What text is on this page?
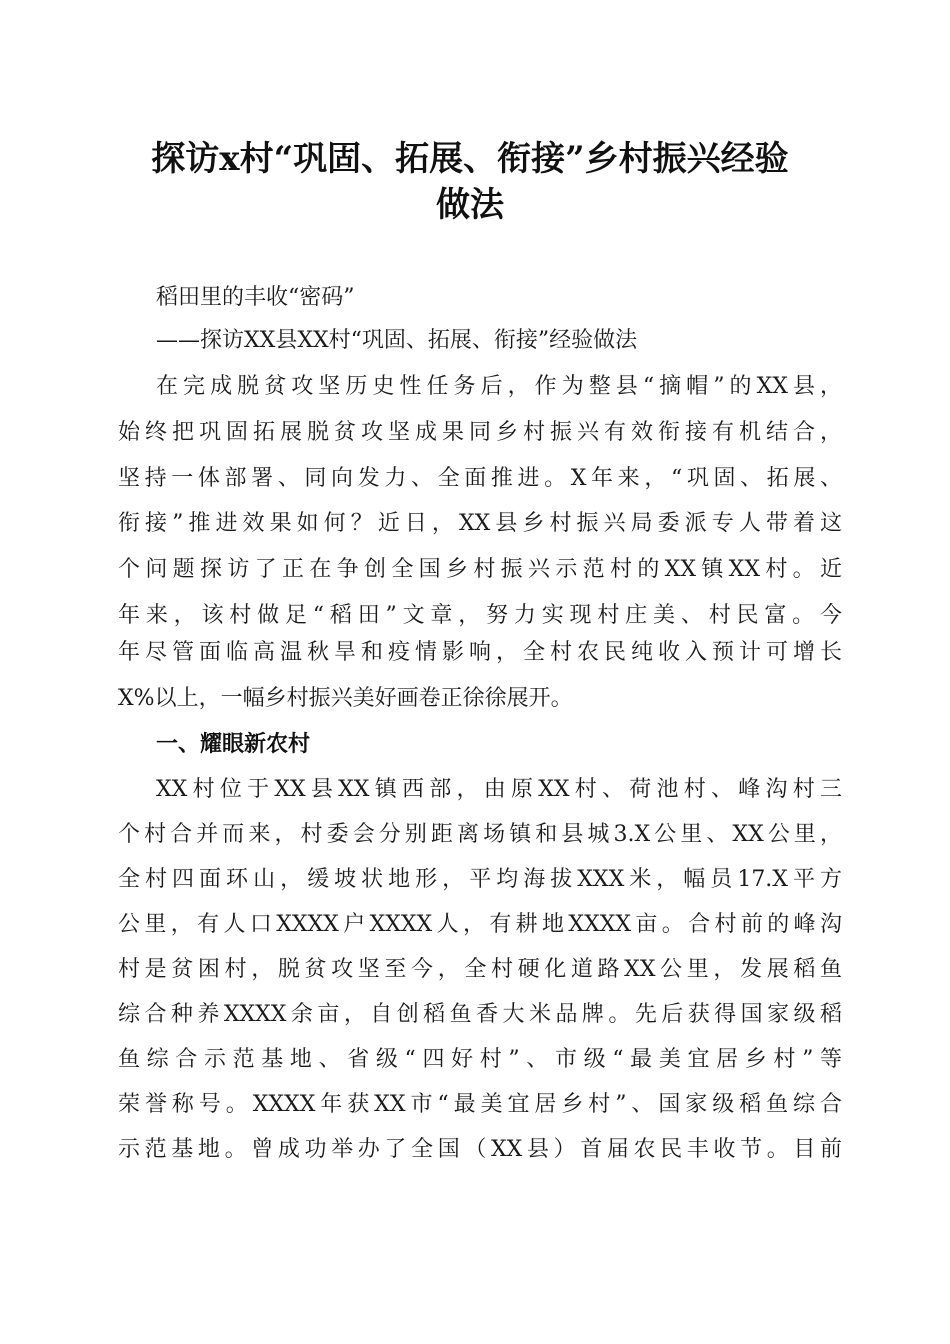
探访x村“巩固、拓展、衔接”乡村振兴经验
做法
稻田里的丰收“密码”
——探访XX县XX村“巩固、拓展、衔接”经验做法
在完成脱贫攻坚历史性任务后，作为整县“摘帽”的XX县，
始终把巩固拓展脱贫攻坚成果同乡村振兴有效衔接有机结合，
坚持一体部署、同向发力、全面推进。X年来，“巩固、拓展、
衔接”推进效果如何？近日，XX县乡村振兴局委派专人带着这
个问题探访了正在争创全国乡村振兴示范村的XX镇XX村。近
年来，该村做足“稻田”文章，努力实现村庄美、村民富。今
年尽管面临高温秋旱和疫情影响，全村农民纯收入预计可增长
X%以上，一幅乡村振兴美好画卷正徐徐展开。
一、耀眼新农村
XX村位于XX县XX镇西部，由原XX村、荷池村、峰沟村三
个村合并而来，村委会分别距离场镇和县城3.X公里、XX公里，
全村四面环山，缓坡状地形，平均海拔XXX米，幅员17.X平方
公里，有人口XXXX户XXXX人，有耕地XXXX亩。合村前的峰沟
村是贫困村，脱贫攻坚至今，全村硬化道路XX公里，发展稻鱼
综合种养XXXX余亩，自创稻鱼香大米品牌。先后获得国家级稻
鱼综合示范基地、省级“四好村”、市级“最美宜居乡村”等
荣誉称号。XXXX年获XX市“最美宜居乡村”、国家级稻鱼综合
示范基地。曾成功举办了全国（XX县）首届农民丰收节。目前
